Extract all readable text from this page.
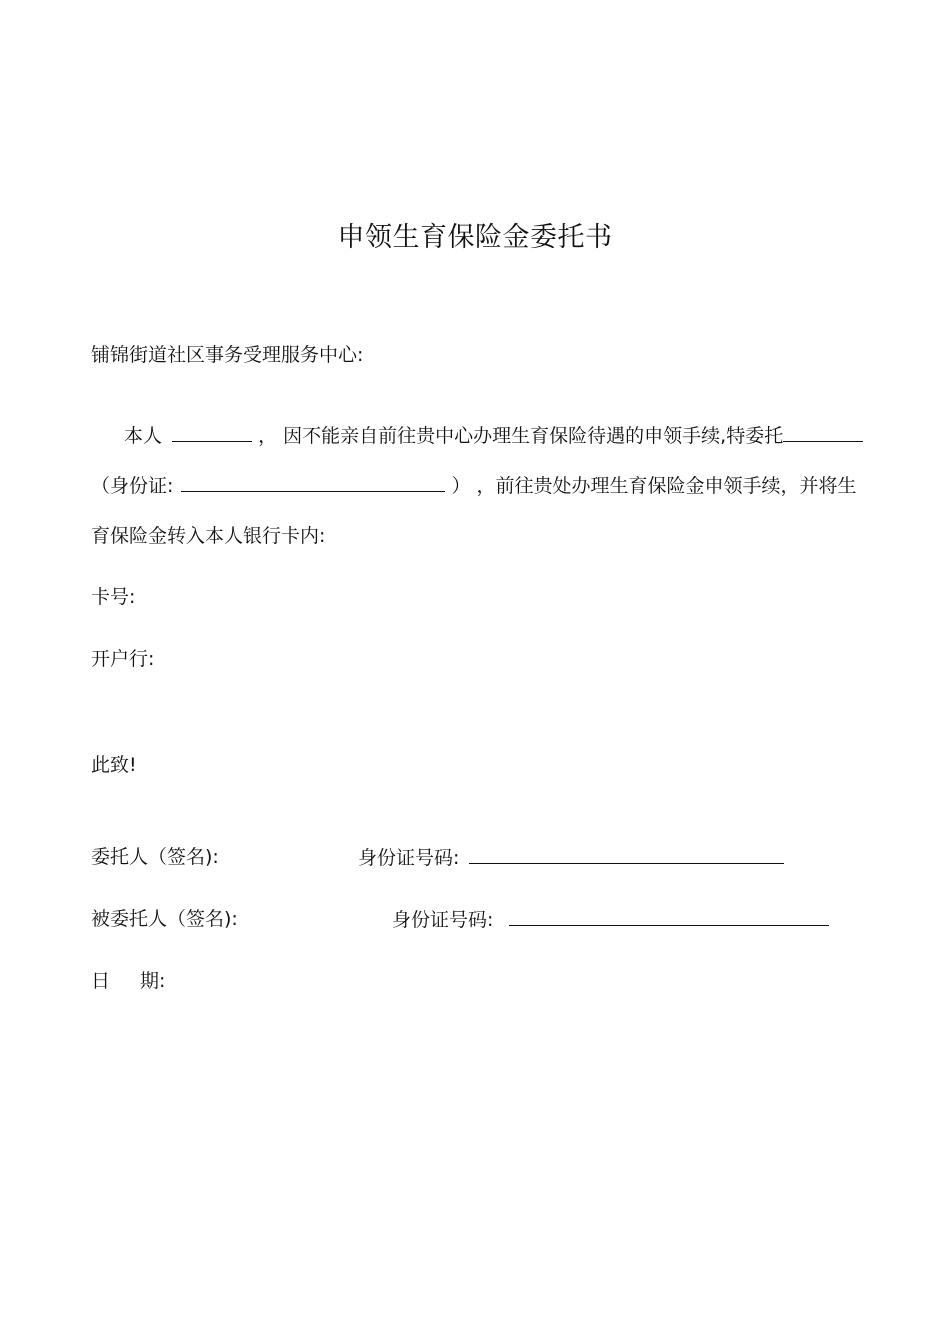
申领生育保险金委托书
铺锦街道社区事务受理服务中心:
本人	， 因不能亲自前往贵中心办理生育保险待遇的申领手续,特委托
（身份证:	） ，前往贵处办理生育保险金申领手续，并将生
育保险金转入本人银行卡内:
卡号:
开户行:
此致!
委托人（签名):	身份证号码:
被委托人（签名):	身份证号码:
日 期:
